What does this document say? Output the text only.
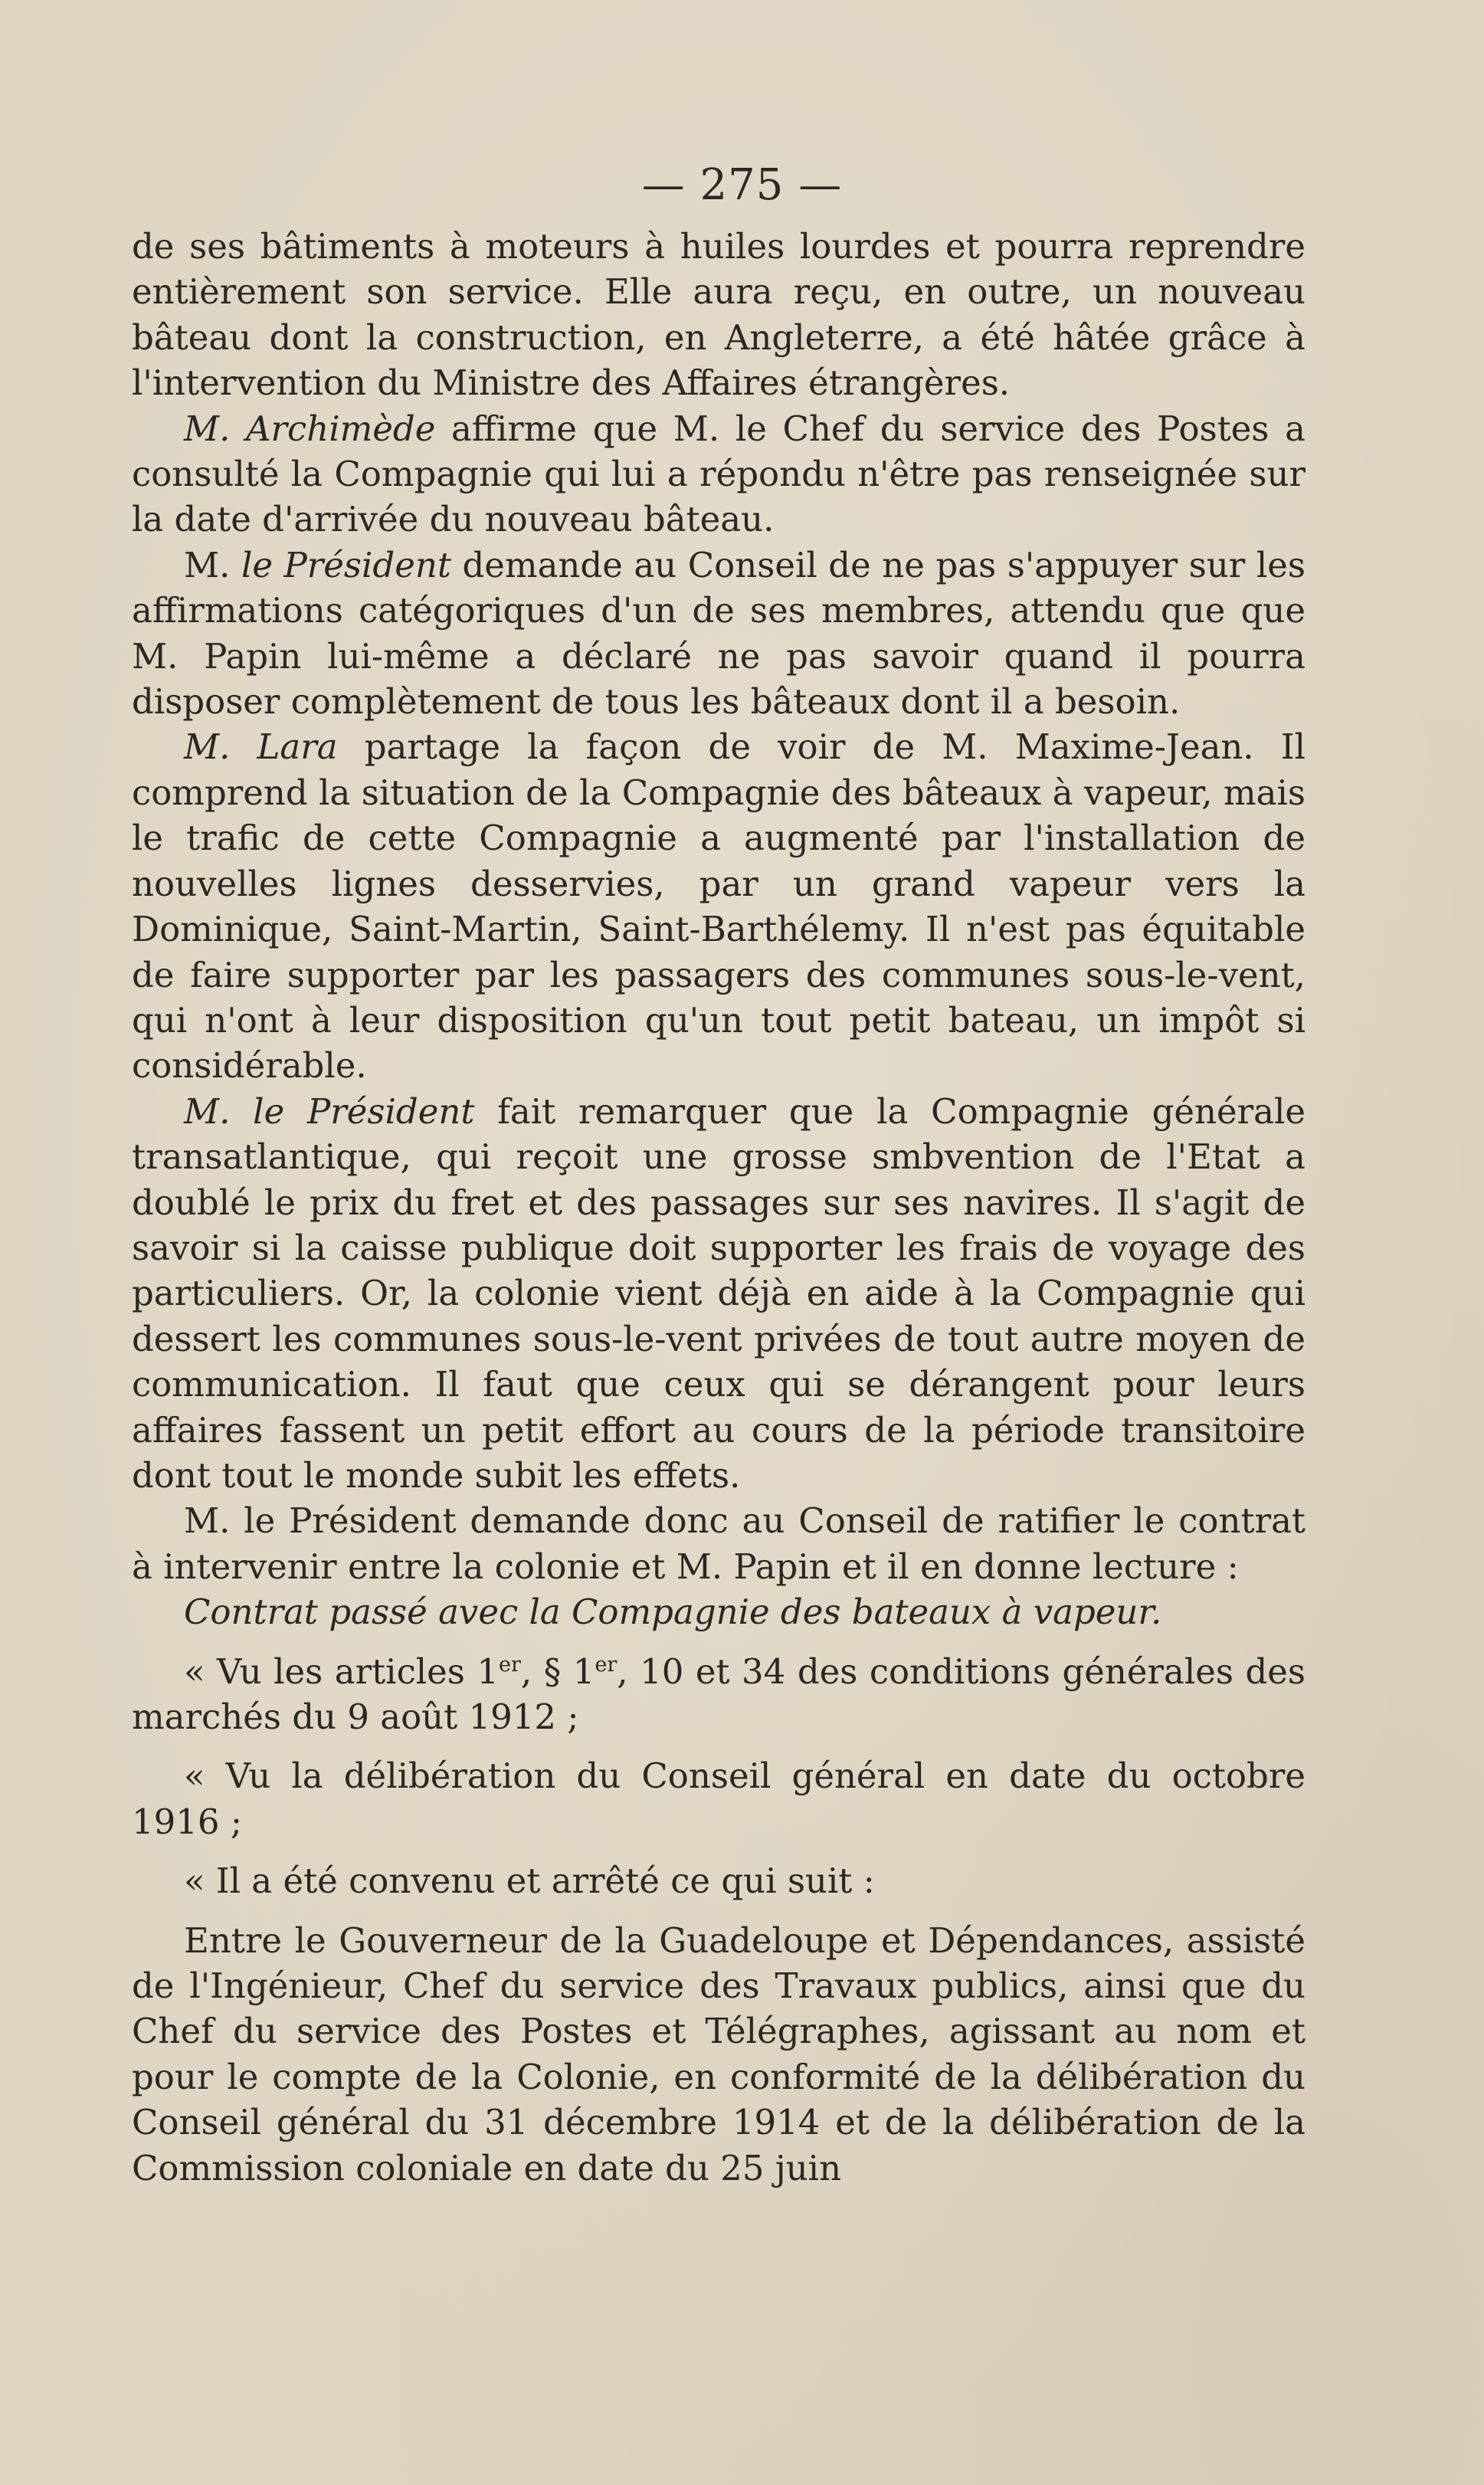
— 275 —

de ses bâtiments à moteurs à huiles lourdes et pourra reprendre entièrement son service. Elle aura reçu, en outre, un nouveau bâteau dont la construction, en Angleterre, a été hâtée grâce à l'intervention du Ministre des Affaires étrangères.

M. Archimède affirme que M. le Chef du service des Postes a consulté la Compagnie qui lui a répondu n'être pas renseignée sur la date d'arrivée du nouveau bâteau.

M. le Président demande au Conseil de ne pas s'appuyer sur les affirmations catégoriques d'un de ses membres, attendu que que M. Papin lui-même a déclaré ne pas savoir quand il pourra disposer complètement de tous les bâteaux dont il a besoin.

M. Lara partage la façon de voir de M. Maxime-Jean. Il comprend la situation de la Compagnie des bâteaux à vapeur, mais le trafic de cette Compagnie a augmenté par l'installation de nouvelles lignes desservies, par un grand vapeur vers la Dominique, Saint-Martin, Saint-Barthélemy. Il n'est pas équitable de faire supporter par les passagers des communes sous-le-vent, qui n'ont à leur disposition qu'un tout petit bateau, un impôt si considérable.

M. le Président fait remarquer que la Compagnie générale transatlantique, qui reçoit une grosse smbvention de l'Etat a doublé le prix du fret et des passages sur ses navires. Il s'agit de savoir si la caisse publique doit supporter les frais de voyage des particuliers. Or, la colonie vient déjà en aide à la Compagnie qui dessert les communes sous-le-vent privées de tout autre moyen de communication. Il faut que ceux qui se dérangent pour leurs affaires fassent un petit effort au cours de la période transitoire dont tout le monde subit les effets.

M. le Président demande donc au Conseil de ratifier le contrat à intervenir entre la colonie et M. Papin et il en donne lecture :

Contrat passé avec la Compagnie des bateaux à vapeur.

« Vu les articles 1er, § 1er, 10 et 34 des conditions générales des marchés du 9 août 1912 ;

« Vu la délibération du Conseil général en date du octobre 1916 ;

« Il a été convenu et arrêté ce qui suit :

Entre le Gouverneur de la Guadeloupe et Dépendances, assisté de l'Ingénieur, Chef du service des Travaux publics, ainsi que du Chef du service des Postes et Télégraphes, agissant au nom et pour le compte de la Colonie, en conformité de la délibération du Conseil général du 31 décembre 1914 et de la délibération de la Commission coloniale en date du 25 juin
